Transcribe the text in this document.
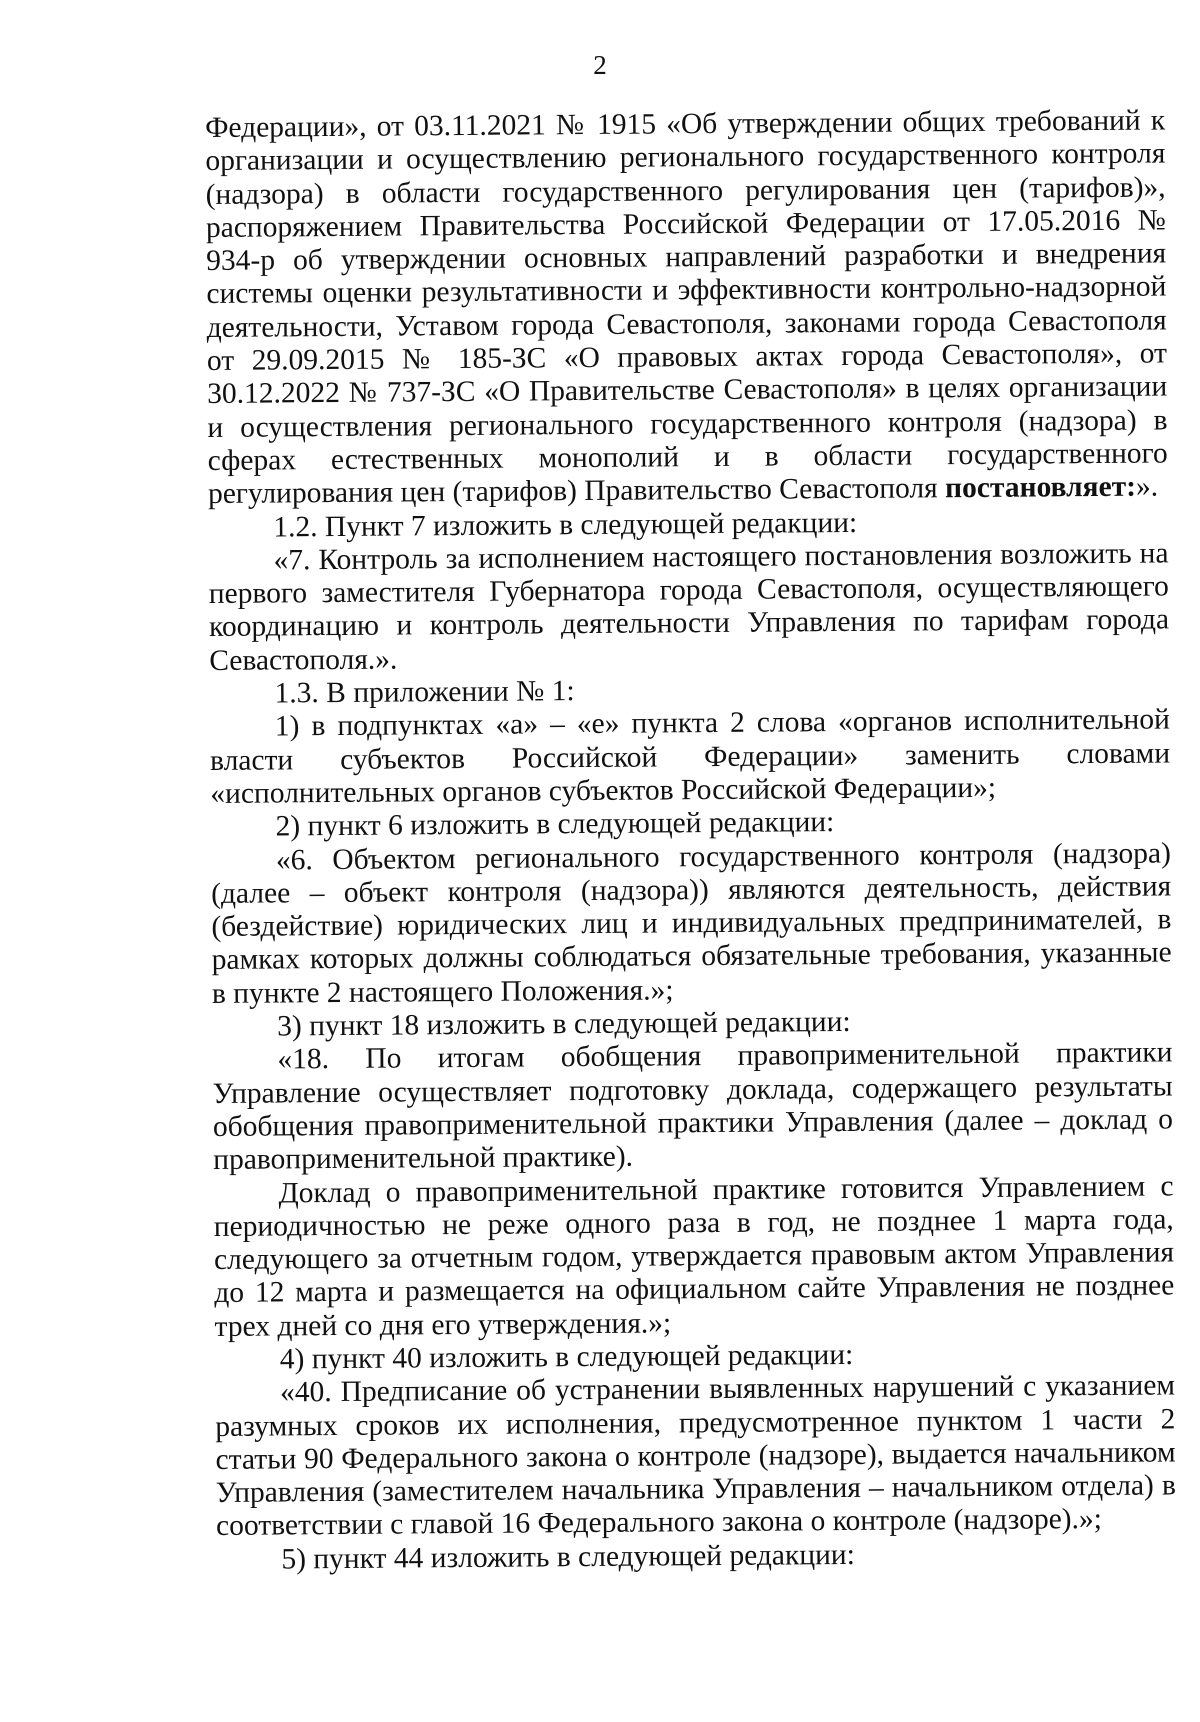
2

Федерации», от 03.11.2021 № 1915 «Об утверждении общих требований к организации и осуществлению регионального государственного контроля (надзора) в области государственного регулирования цен (тарифов)», распоряжением Правительства Российской Федерации от 17.05.2016 № 934-р об утверждении основных направлений разработки и внедрения системы оценки результативности и эффективности контрольно-надзорной деятельности, Уставом города Севастополя, законами города Севастополя от 29.09.2015 № 185-ЗС «О правовых актах города Севастополя», от 30.12.2022 № 737-ЗС «О Правительстве Севастополя» в целях организации и осуществления регионального государственного контроля (надзора) в сферах естественных монополий и в области государственного регулирования цен (тарифов) Правительство Севастополя постановляет:».

1.2. Пункт 7 изложить в следующей редакции:

«7. Контроль за исполнением настоящего постановления возложить на первого заместителя Губернатора города Севастополя, осуществляющего координацию и контроль деятельности Управления по тарифам города Севастополя.».

1.3. В приложении № 1:

1) в подпунктах «а» – «е» пункта 2 слова «органов исполнительной власти субъектов Российской Федерации» заменить словами «исполнительных органов субъектов Российской Федерации»;

2) пункт 6 изложить в следующей редакции:

«6. Объектом регионального государственного контроля (надзора) (далее – объект контроля (надзора)) являются деятельность, действия (бездействие) юридических лиц и индивидуальных предпринимателей, в рамках которых должны соблюдаться обязательные требования, указанные в пункте 2 настоящего Положения.»;

3) пункт 18 изложить в следующей редакции:

«18. По итогам обобщения правоприменительной практики Управление осуществляет подготовку доклада, содержащего результаты обобщения правоприменительной практики Управления (далее – доклад о правоприменительной практике).

Доклад о правоприменительной практике готовится Управлением с периодичностью не реже одного раза в год, не позднее 1 марта года, следующего за отчетным годом, утверждается правовым актом Управления до 12 марта и размещается на официальном сайте Управления не позднее трех дней со дня его утверждения.»;

4) пункт 40 изложить в следующей редакции:

«40. Предписание об устранении выявленных нарушений с указанием разумных сроков их исполнения, предусмотренное пунктом 1 части 2 статьи 90 Федерального закона о контроле (надзоре), выдается начальником Управления (заместителем начальника Управления – начальником отдела) в соответствии с главой 16 Федерального закона о контроле (надзоре).»;

5) пункт 44 изложить в следующей редакции:
